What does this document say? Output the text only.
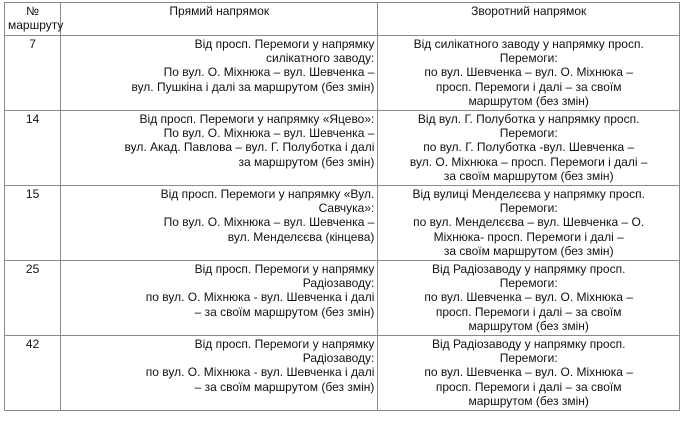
№
маршруту	Прямий напрямок	Зворотний напрямок
7	Від просп. Перемоги у напрямку
силікатного заводу:
По вул. О. Міхнюка – вул. Шевченка –
вул. Пушкіна і далі за маршрутом (без змін)	Від силікатного заводу у напрямку просп.
Перемоги:
по вул. Шевченка – вул. О. Міхнюка –
просп. Перемоги і далі – за своїм
маршрутом (без змін)

14	Від просп. Перемоги у напрямку «Яцево»:
По вул. О. Міхнюка – вул. Шевченка –
вул. Акад. Павлова – вул. Г. Полуботка і далі
за маршрутом (без змін)	Від вул. Г. Полуботка у напрямку просп.
Перемоги:
по вул. Г. Полуботка -вул. Шевченка –
вул. О. Міхнюка – просп. Перемоги і далі –
за своїм маршрутом (без змін)

15	Від просп. Перемоги у напрямку «Вул.
Савчука»:
По вул. О. Міхнюка – вул. Шевченка –
вул. Менделєєва (кінцева)	Від вулиці Менделєєва у напрямку просп.
Перемоги:
по вул. Менделєєва – вул. Шевченка – О.
Міхнюка- просп. Перемоги і далі –
за своїм маршрутом (без змін)

25	Від просп. Перемоги у напрямку
Радіозаводу:
по вул. О. Міхнюка - вул. Шевченка і далі
– за своїм маршрутом (без змін)	Від Радіозаводу у напрямку просп.
Перемоги:
по вул. Шевченка – вул. О. Міхнюка –
просп. Перемоги і далі – за своїм
маршрутом (без змін)

42	Від просп. Перемоги у напрямку
Радіозаводу:
по вул. О. Міхнюка - вул. Шевченка і далі
– за своїм маршрутом (без змін)	Від Радіозаводу у напрямку просп.
Перемоги:
по вул. Шевченка – вул. О. Міхнюка –
просп. Перемоги і далі – за своїм
маршрутом (без змін)
